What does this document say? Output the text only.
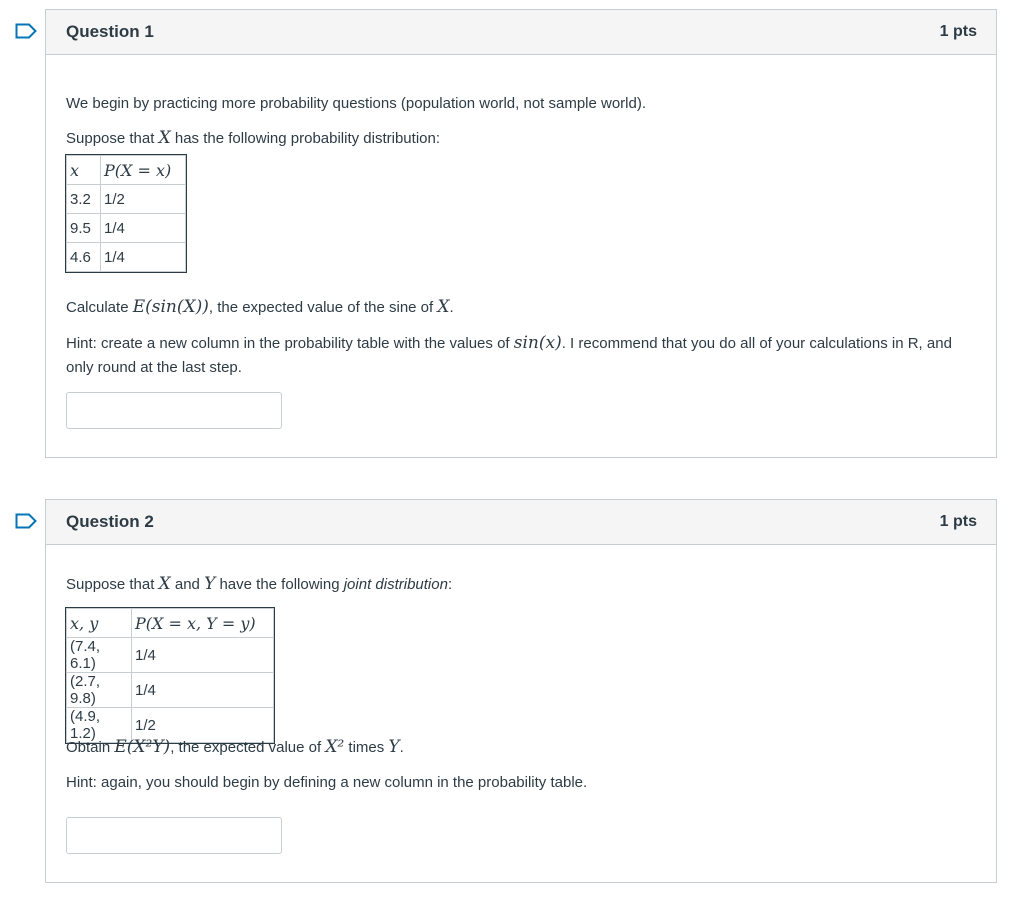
Question 1	1 pts
We begin by practicing more probability questions (population world, not sample world).
Suppose that X has the following probability distribution:
x	P(X = x)
3.2	1/2
9.5	1/4
4.6	1/4
Calculate E(sin(X)), the expected value of the sine of X.
Hint: create a new column in the probability table with the values of sin(x). I recommend that you do all of your calculations in R, and only round at the last step.
Question 2	1 pts
Suppose that X and Y have the following joint distribution:
x, y	P(X = x, Y = y)
(7.4, 6.1)	1/4
(2.7, 9.8)	1/4
(4.9, 1.2)	1/2
Obtain E(X²Y), the expected value of X² times Y.
Hint: again, you should begin by defining a new column in the probability table.
